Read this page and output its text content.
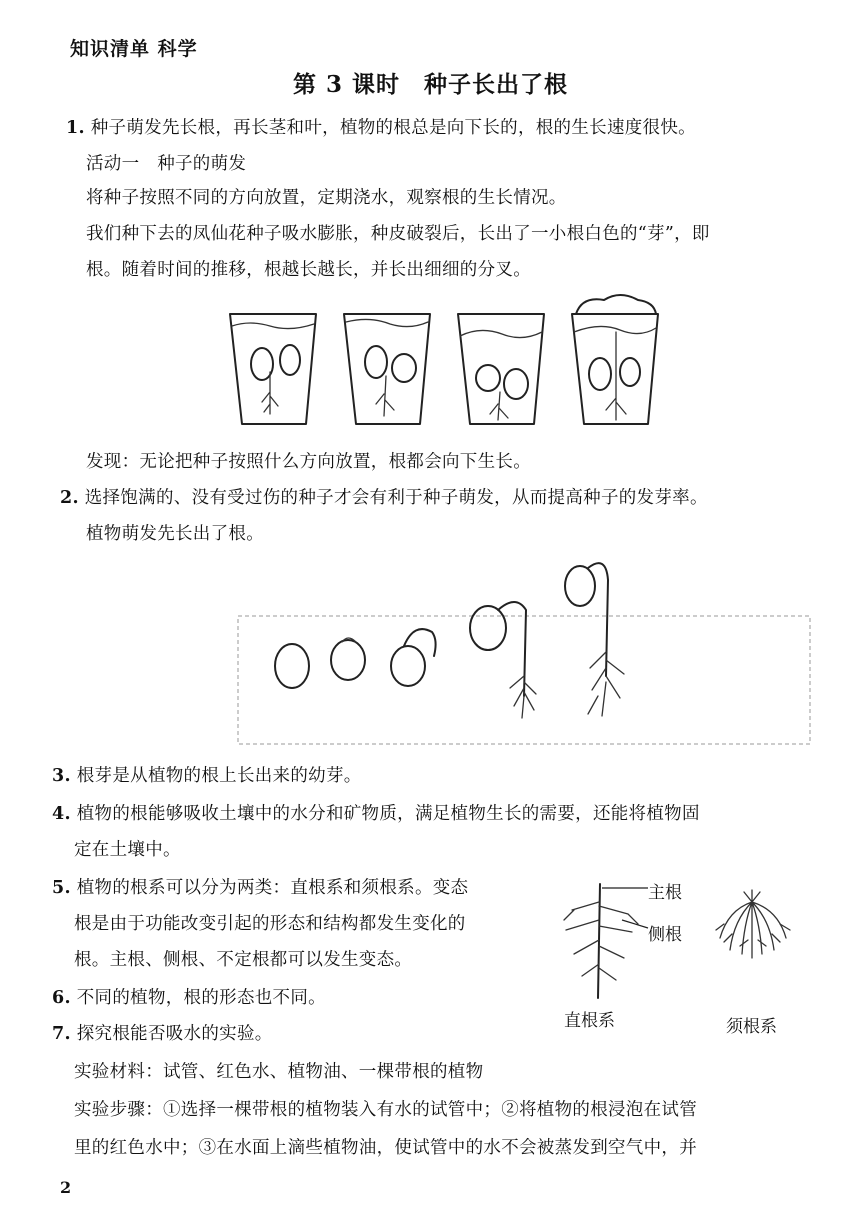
知识清单 科学
第 3 课时　种子长出了根
1. 种子萌发先长根，再长茎和叶，植物的根总是向下长的，根的生长速度很快。
活动一　种子的萌发
将种子按照不同的方向放置，定期浇水，观察根的生长情况。
我们种下去的凤仙花种子吸水膨胀，种皮破裂后，长出了一小根白色的“芽”，即
根。随着时间的推移，根越长越长，并长出细细的分叉。
发现：无论把种子按照什么方向放置，根都会向下生长。
2. 选择饱满的、没有受过伤的种子才会有利于种子萌发，从而提高种子的发芽率。
植物萌发先长出了根。
3. 根芽是从植物的根上长出来的幼芽。
4. 植物的根能够吸收土壤中的水分和矿物质，满足植物生长的需要，还能将植物固
定在土壤中。
5. 植物的根系可以分为两类：直根系和须根系。变态
根是由于功能改变引起的形态和结构都发生变化的
根。主根、侧根、不定根都可以发生变态。
主根
侧根
直根系	须根系
6. 不同的植物，根的形态也不同。
7. 探究根能否吸水的实验。
实验材料：试管、红色水、植物油、一棵带根的植物
实验步骤：①选择一棵带根的植物装入有水的试管中；②将植物的根浸泡在试管
里的红色水中；③在水面上滴些植物油，使试管中的水不会被蒸发到空气中，并
2
